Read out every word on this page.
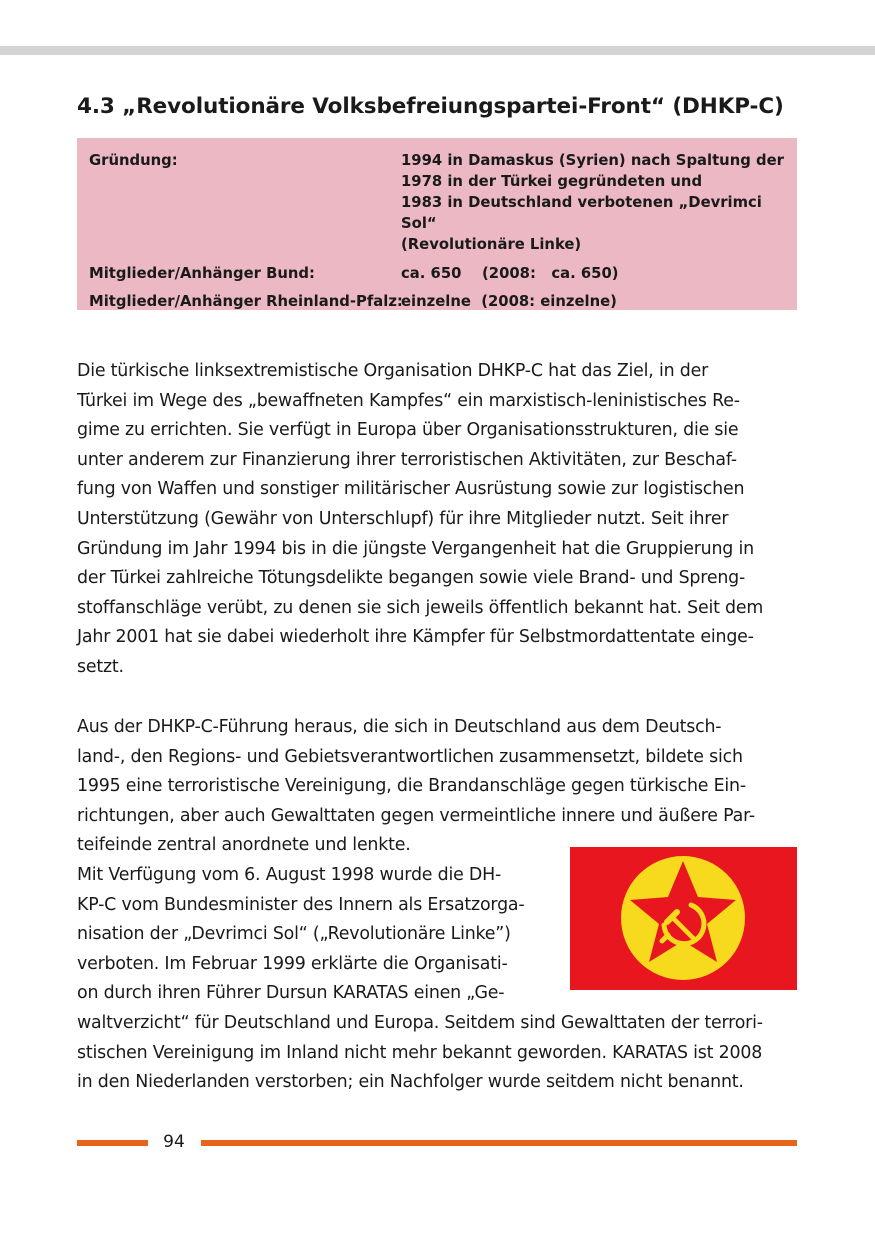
4.3 „Revolutionäre Volksbefreiungspartei-Front“ (DHKP-C)
Gründung:	1994 in Damaskus (Syrien) nach Spaltung der
1978 in der Türkei gegründeten und
1983 in Deutschland verbotenen „Devrimci Sol“
(Revolutionäre Linke)
Mitglieder/Anhänger Bund:	ca. 650    (2008:   ca. 650)
Mitglieder/Anhänger Rheinland-Pfalz:
einzelne  (2008: einzelne)

Die türkische linksextremistische Organisation DHKP-C hat das Ziel, in der
Türkei im Wege des „bewaffneten Kampfes“ ein marxistisch-leninistisches Re-
gime zu errichten. Sie verfügt in Europa über Organisationsstrukturen, die sie
unter anderem zur Finanzierung ihrer terroristischen Aktivitäten, zur Beschaf-
fung von Waffen und sonstiger militärischer Ausrüstung sowie zur logistischen
Unterstützung (Gewähr von Unterschlupf) für ihre Mitglieder nutzt. Seit ihrer
Gründung im Jahr 1994 bis in die jüngste Vergangenheit hat die Gruppierung in
der Türkei zahlreiche Tötungsdelikte begangen sowie viele Brand- und Spreng-
stoffanschläge verübt, zu denen sie sich jeweils öffentlich bekannt hat. Seit dem
Jahr 2001 hat sie dabei wiederholt ihre Kämpfer für Selbstmordattentate einge-
setzt.

Aus der DHKP-C-Führung heraus, die sich in Deutschland aus dem Deutsch-
land-, den Regions- und Gebietsverantwortlichen zusammensetzt, bildete sich
1995 eine terroristische Vereinigung, die Brandanschläge gegen türkische Ein-
richtungen, aber auch Gewalttaten gegen vermeintliche innere und äußere Par-
teifeinde zentral anordnete und lenkte.
Mit Verfügung vom 6. August 1998 wurde die DH-
KP-C vom Bundesminister des Innern als Ersatzorga-
nisation der „Devrimci Sol“ („Revolutionäre Linke”)
verboten. Im Februar 1999 erklärte die Organisati-
on durch ihren Führer Dursun KARATAS einen „Ge-
waltverzicht“ für Deutschland und Europa. Seitdem sind Gewalttaten der terrori-
stischen Vereinigung im Inland nicht mehr bekannt geworden. KARATAS ist 2008
in den Niederlanden verstorben; ein Nachfolger wurde seitdem nicht benannt.

94
